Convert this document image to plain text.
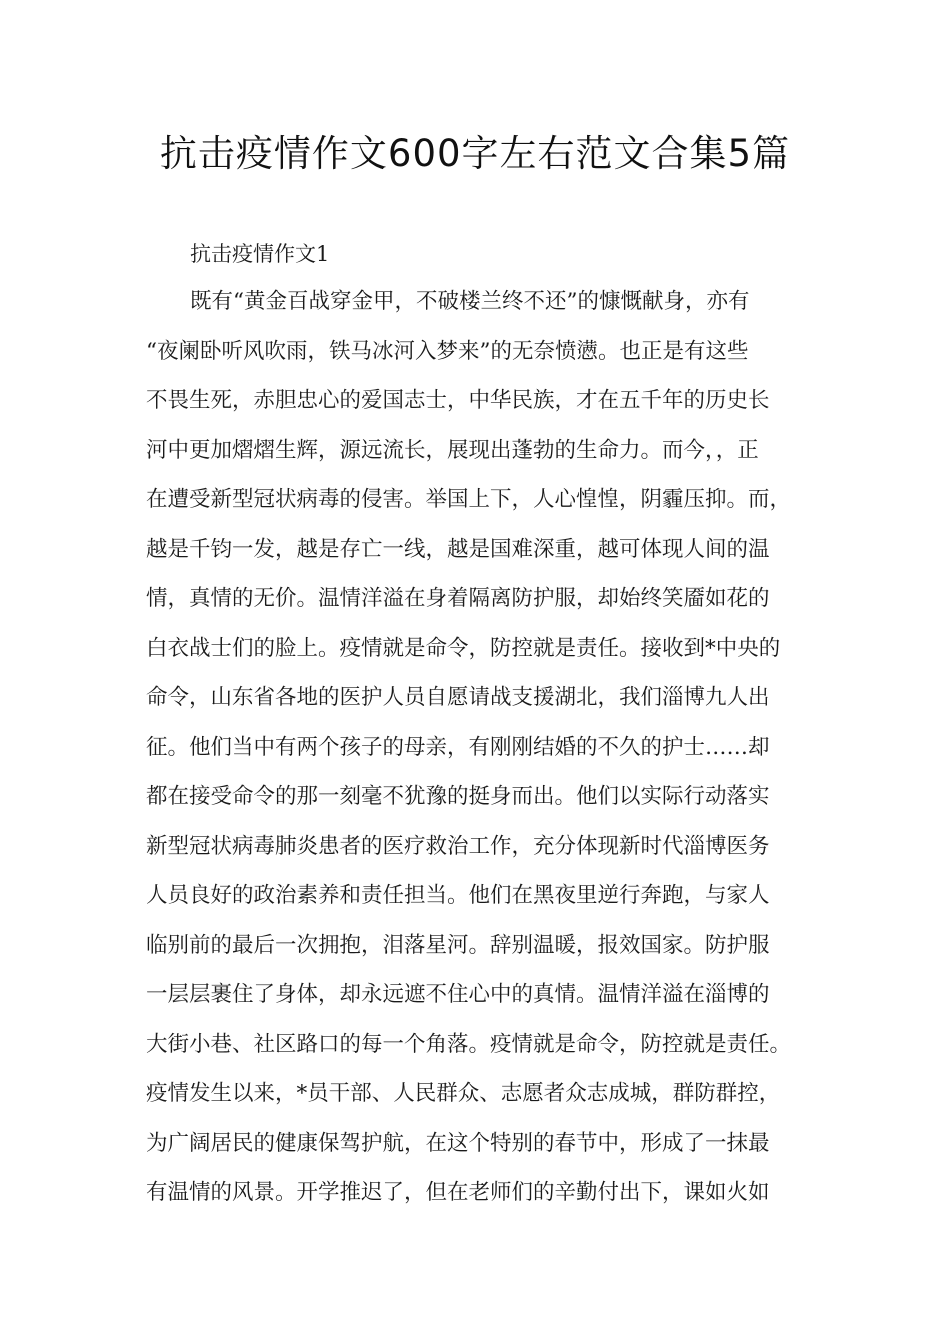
抗击疫情作文600字左右范文合集5篇

抗击疫情作文1

既有“黄金百战穿金甲，不破楼兰终不还”的慷慨献身，亦有
“夜阑卧听风吹雨，铁马冰河入梦来”的无奈愤懑。也正是有这些
不畏生死，赤胆忠心的爱国志士，中华民族，才在五千年的历史长
河中更加熠熠生辉，源远流长，展现出蓬勃的生命力。而今，，正
在遭受新型冠状病毒的侵害。举国上下，人心惶惶，阴霾压抑。而，
越是千钧一发，越是存亡一线，越是国难深重，越可体现人间的温
情，真情的无价。温情洋溢在身着隔离防护服，却始终笑靥如花的
白衣战士们的脸上。疫情就是命令，防控就是责任。接收到*中央的
命令，山东省各地的医护人员自愿请战支援湖北，我们淄博九人出
征。他们当中有两个孩子的母亲，有刚刚结婚的不久的护士……却
都在接受命令的那一刻毫不犹豫的挺身而出。他们以实际行动落实
新型冠状病毒肺炎患者的医疗救治工作，充分体现新时代淄博医务
人员良好的政治素养和责任担当。他们在黑夜里逆行奔跑，与家人
临别前的最后一次拥抱，泪落星河。辞别温暖，报效国家。防护服
一层层裹住了身体，却永远遮不住心中的真情。温情洋溢在淄博的
大街小巷、社区路口的每一个角落。疫情就是命令，防控就是责任。
疫情发生以来，*员干部、人民群众、志愿者众志成城，群防群控，
为广阔居民的健康保驾护航，在这个特别的春节中，形成了一抹最
有温情的风景。开学推迟了，但在老师们的辛勤付出下，课如火如
